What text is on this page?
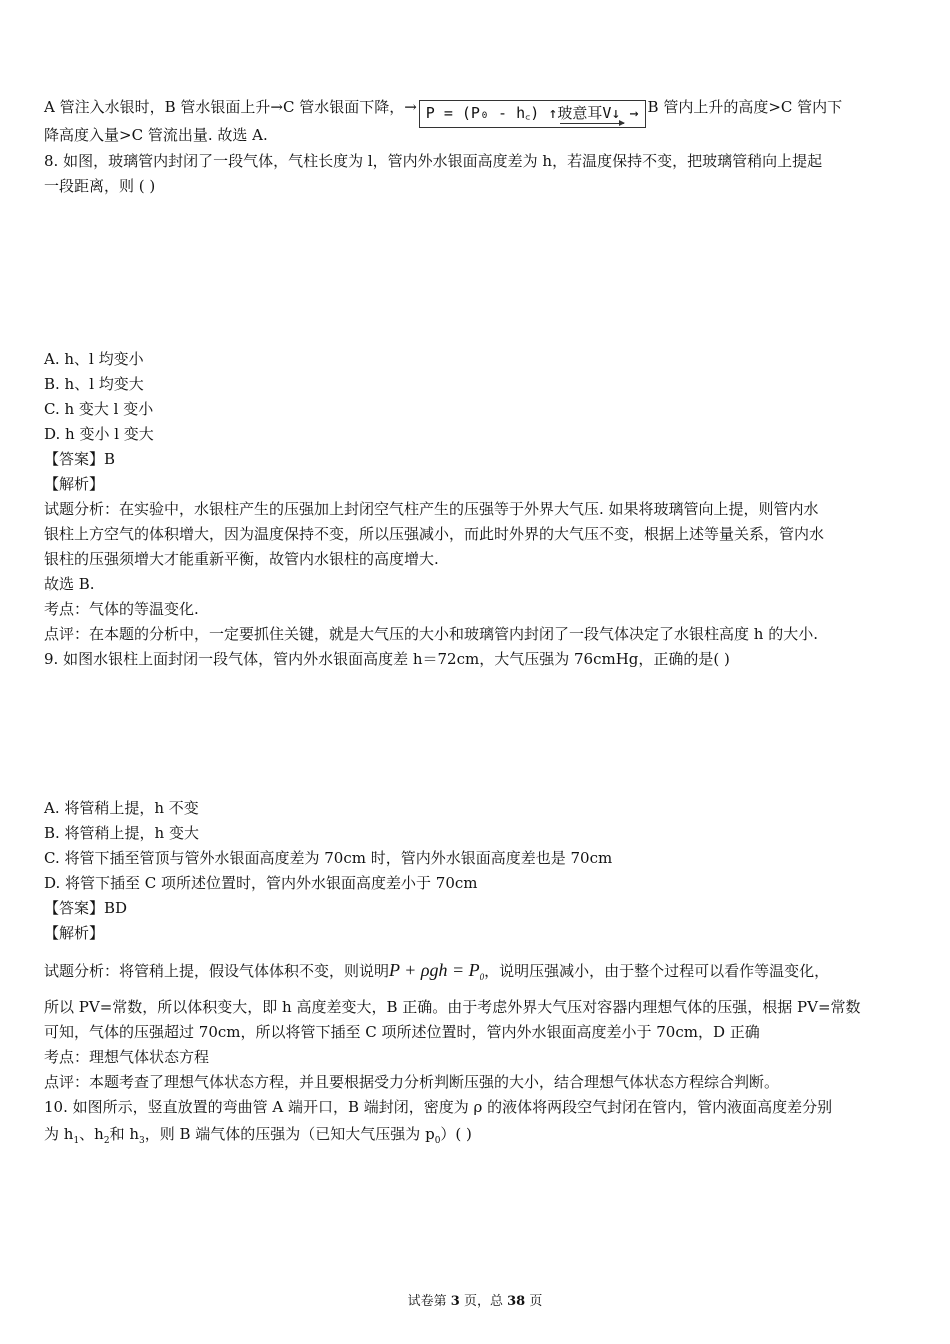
A 管注入水银时，B 管水银面上升→C 管水银面下降，→ P = (P₀ - h꜀) ↑玻意耳V↓ → B 管内上升的高度>C 管内下
降高度入量>C 管流出量. 故选 A.
8. 如图，玻璃管内封闭了一段气体，气柱长度为 l，管内外水银面高度差为 h，若温度保持不变，把玻璃管稍向上提起
一段距离，则 ( )
A. h、l 均变小
B. h、l 均变大
C. h 变大 l 变小
D. h 变小 l 变大
【答案】B
【解析】
试题分析：在实验中，水银柱产生的压强加上封闭空气柱产生的压强等于外界大气压. 如果将玻璃管向上提，则管内水
银柱上方空气的体积增大，因为温度保持不变，所以压强减小，而此时外界的大气压不变，根据上述等量关系，管内水
银柱的压强须增大才能重新平衡，故管内水银柱的高度增大.
故选 B.
考点：气体的等温变化.
点评：在本题的分析中，一定要抓住关键，就是大气压的大小和玻璃管内封闭了一段气体决定了水银柱高度 h 的大小.
9. 如图水银柱上面封闭一段气体，管内外水银面高度差 h＝72cm，大气压强为 76cmHg，正确的是( )
A. 将管稍上提，h 不变
B. 将管稍上提，h 变大
C. 将管下插至管顶与管外水银面高度差为 70cm 时，管内外水银面高度差也是 70cm
D. 将管下插至 C 项所述位置时，管内外水银面高度差小于 70cm
【答案】BD
【解析】
试题分析：将管稍上提，假设气体体积不变，则说明$P + \rho gh = P_0$，说明压强减小，由于整个过程可以看作等温变化，
所以 PV=常数，所以体积变大，即 h 高度差变大，B 正确。由于考虑外界大气压对容器内理想气体的压强，根据 PV=常数
可知，气体的压强超过 70cm，所以将管下插至 C 项所述位置时，管内外水银面高度差小于 70cm，D 正确
考点：理想气体状态方程
点评：本题考查了理想气体状态方程，并且要根据受力分析判断压强的大小，结合理想气体状态方程综合判断。
10. 如图所示，竖直放置的弯曲管 A 端开口，B 端封闭，密度为 ρ 的液体将两段空气封闭在管内，管内液面高度差分别
为 $h_1$、$h_2$和 $h_3$，则 B 端气体的压强为（已知大气压强为 $p_0$）( )
试卷第 3 页，总 38 页
